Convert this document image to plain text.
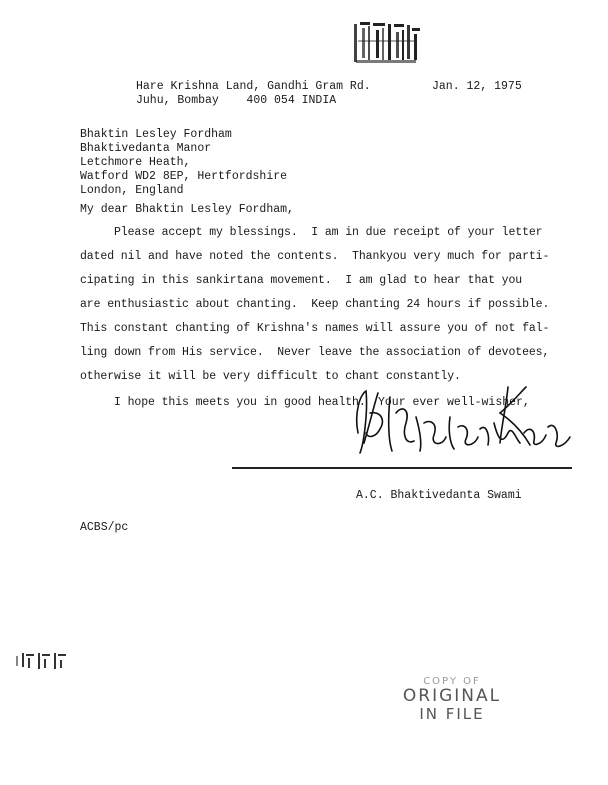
Hare Krishna Land, Gandhi Gram Rd.
Juhu, Bombay    400 054 INDIA
Jan. 12, 1975
Bhaktin Lesley Fordham
Bhaktivedanta Manor
Letchmore Heath,
Watford WD2 8EP, Hertfordshire
London, England
My dear Bhaktin Lesley Fordham,
Please accept my blessings.  I am in due receipt of your letter
dated nil and have noted the contents.  Thankyou very much for parti-
cipating in this sankirtana movement.  I am glad to hear that you
are enthusiastic about chanting.  Keep chanting 24 hours if possible.
This constant chanting of Krishna's names will assure you of not fal-
ling down from His service.  Never leave the association of devotees,
otherwise it will be very difficult to chant constantly.
I hope this meets you in good health. Your ever well-wisher,
A.C. Bhaktivedanta Swami
ACBS/pc
COPY OF
ORIGINAL
IN FILE
